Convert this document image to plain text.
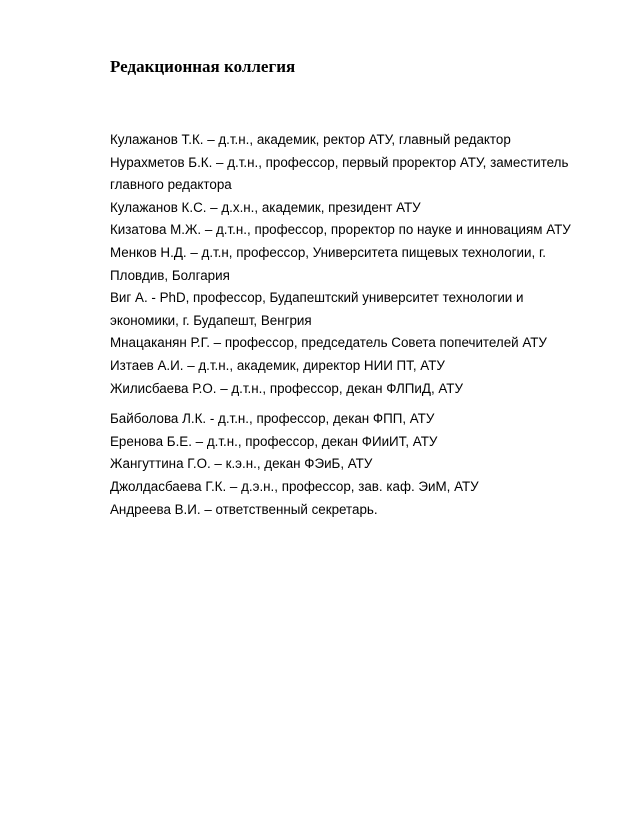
Редакционная коллегия
Кулажанов Т.К. – д.т.н., академик, ректор АТУ, главный редактор
Нурахметов Б.К. – д.т.н., профессор, первый проректор АТУ, заместитель главного редактора
Кулажанов К.С. – д.х.н., академик, президент АТУ
Кизатова М.Ж. – д.т.н., профессор, проректор по науке и инновациям АТУ
Менков Н.Д. – д.т.н, профессор, Университета пищевых технологии, г. Пловдив, Болгария
Виг А. - PhD, профессор, Будапештский университет технологии и экономики, г. Будапешт, Венгрия
Мнацаканян Р.Г. – профессор, председатель Совета попечителей АТУ
Изтаев А.И. – д.т.н., академик, директор НИИ ПТ, АТУ
Жилисбаева Р.О. – д.т.н., профессор, декан ФЛПиД, АТУ
Байболова Л.К. - д.т.н., профессор, декан ФПП, АТУ
Еренова Б.Е. – д.т.н., профессор, декан ФИиИТ, АТУ
Жангуттина Г.О. – к.э.н., декан ФЭиБ, АТУ
Джолдасбаева Г.К. – д.э.н., профессор, зав. каф. ЭиМ, АТУ
Андреева В.И. – ответственный секретарь.
